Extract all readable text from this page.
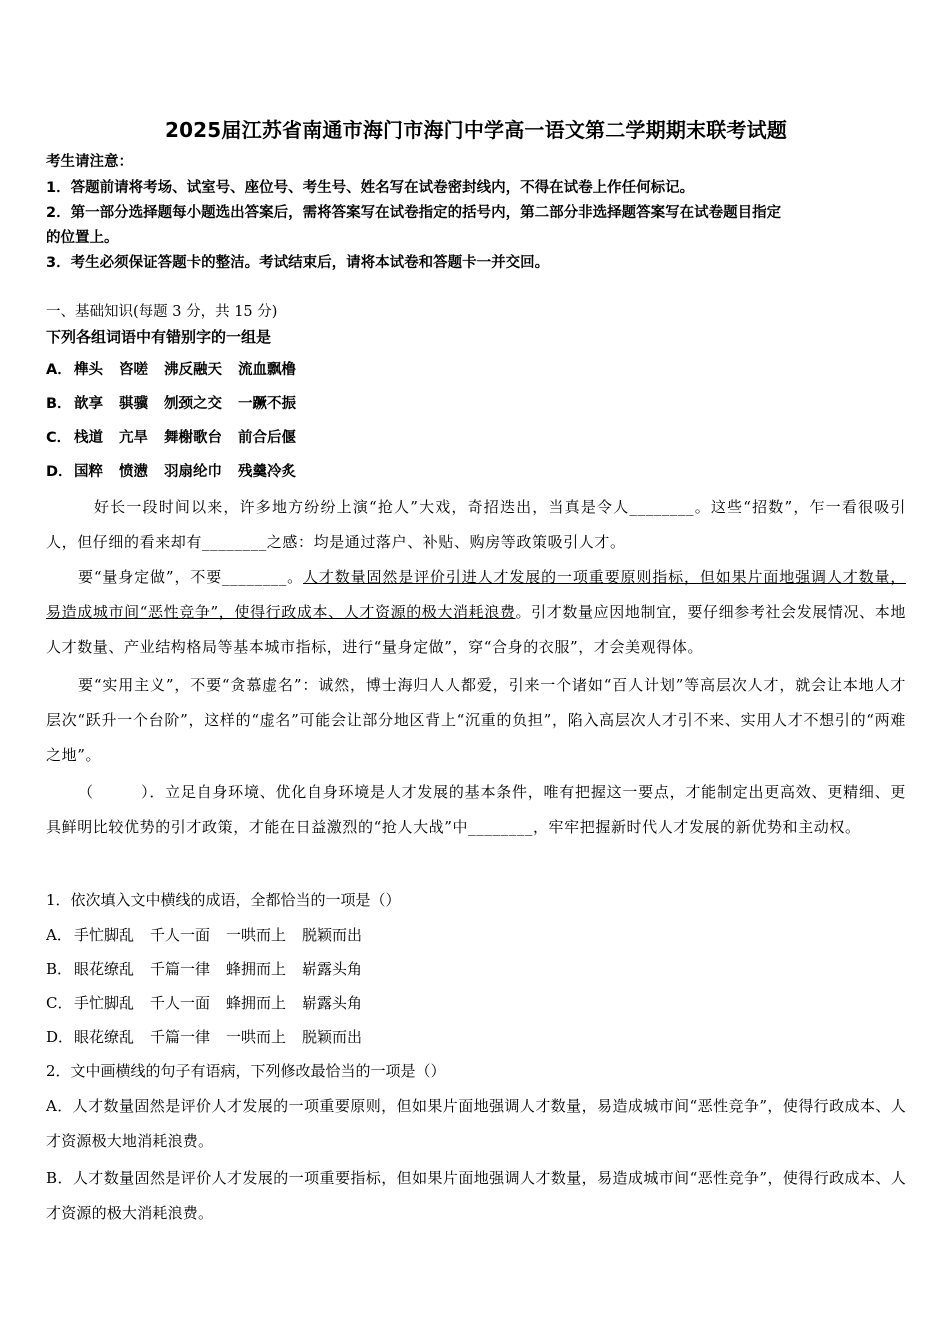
2025届江苏省南通市海门市海门中学高一语文第二学期期末联考试题
考生请注意：
1．答题前请将考场、试室号、座位号、考生号、姓名写在试卷密封线内，不得在试卷上作任何标记。
2．第一部分选择题每小题选出答案后，需将答案写在试卷指定的括号内，第二部分非选择题答案写在试卷题目指定
的位置上。
3．考生必须保证答题卡的整洁。考试结束后，请将本试卷和答题卡一并交回。
一、基础知识(每题 3 分，共 15 分)
下列各组词语中有错别字的一组是
A． 榫头 咨嗟 沸反融天 流血飘橹
B． 歆享 骐骥 刎颈之交 一蹶不振
C． 栈道 亢旱 舞榭歌台 前合后偃
D．国粹 愤懑 羽扇纶巾 残羹冷炙
好长一段时间以来，许多地方纷纷上演“抢人”大戏，奇招迭出，当真是令人________。这些“招数”，乍一看很吸引人，但仔细的看来却有________之感：均是通过落户、补贴、购房等政策吸引人才。
要“量身定做”，不要________。人才数量固然是评价引进人才发展的一项重要原则指标，但如果片面地强调人才数量，易造成城市间“恶性竞争”，使得行政成本、人才资源的极大消耗浪费。引才数量应因地制宜，要仔细参考社会发展情况、本地人才数量、产业结构格局等基本城市指标，进行“量身定做”，穿“合身的衣服”，才会美观得体。
要“实用主义”，不要“贪慕虚名”：诚然，博士海归人人都爱，引来一个诸如“百人计划”等高层次人才，就会让本地人才层次“跃升一个台阶”，这样的“虚名”可能会让部分地区背上“沉重的负担”，陷入高层次人才引不来、实用人才不想引的“两难之地”。
（　　　）．立足自身环境、优化自身环境是人才发展的基本条件，唯有把握这一要点，才能制定出更高效、更精细、更具鲜明比较优势的引才政策，才能在日益激烈的“抢人大战”中________，牢牢把握新时代人才发展的新优势和主动权。
1．依次填入文中横线的成语，全都恰当的一项是（）
A． 手忙脚乱 千人一面 一哄而上 脱颖而出
B． 眼花缭乱 千篇一律 蜂拥而上 崭露头角
C． 手忙脚乱 千人一面 蜂拥而上 崭露头角
D．眼花缭乱 千篇一律 一哄而上 脱颖而出
2．文中画横线的句子有语病，下列修改最恰当的一项是（）
A．人才数量固然是评价人才发展的一项重要原则，但如果片面地强调人才数量，易造成城市间“恶性竞争”，使得行政成本、人才资源极大地消耗浪费。
B．人才数量固然是评价人才发展的一项重要指标，但如果片面地强调人才数量，易造成城市间“恶性竞争”，使得行政成本、人才资源的极大消耗浪费。
